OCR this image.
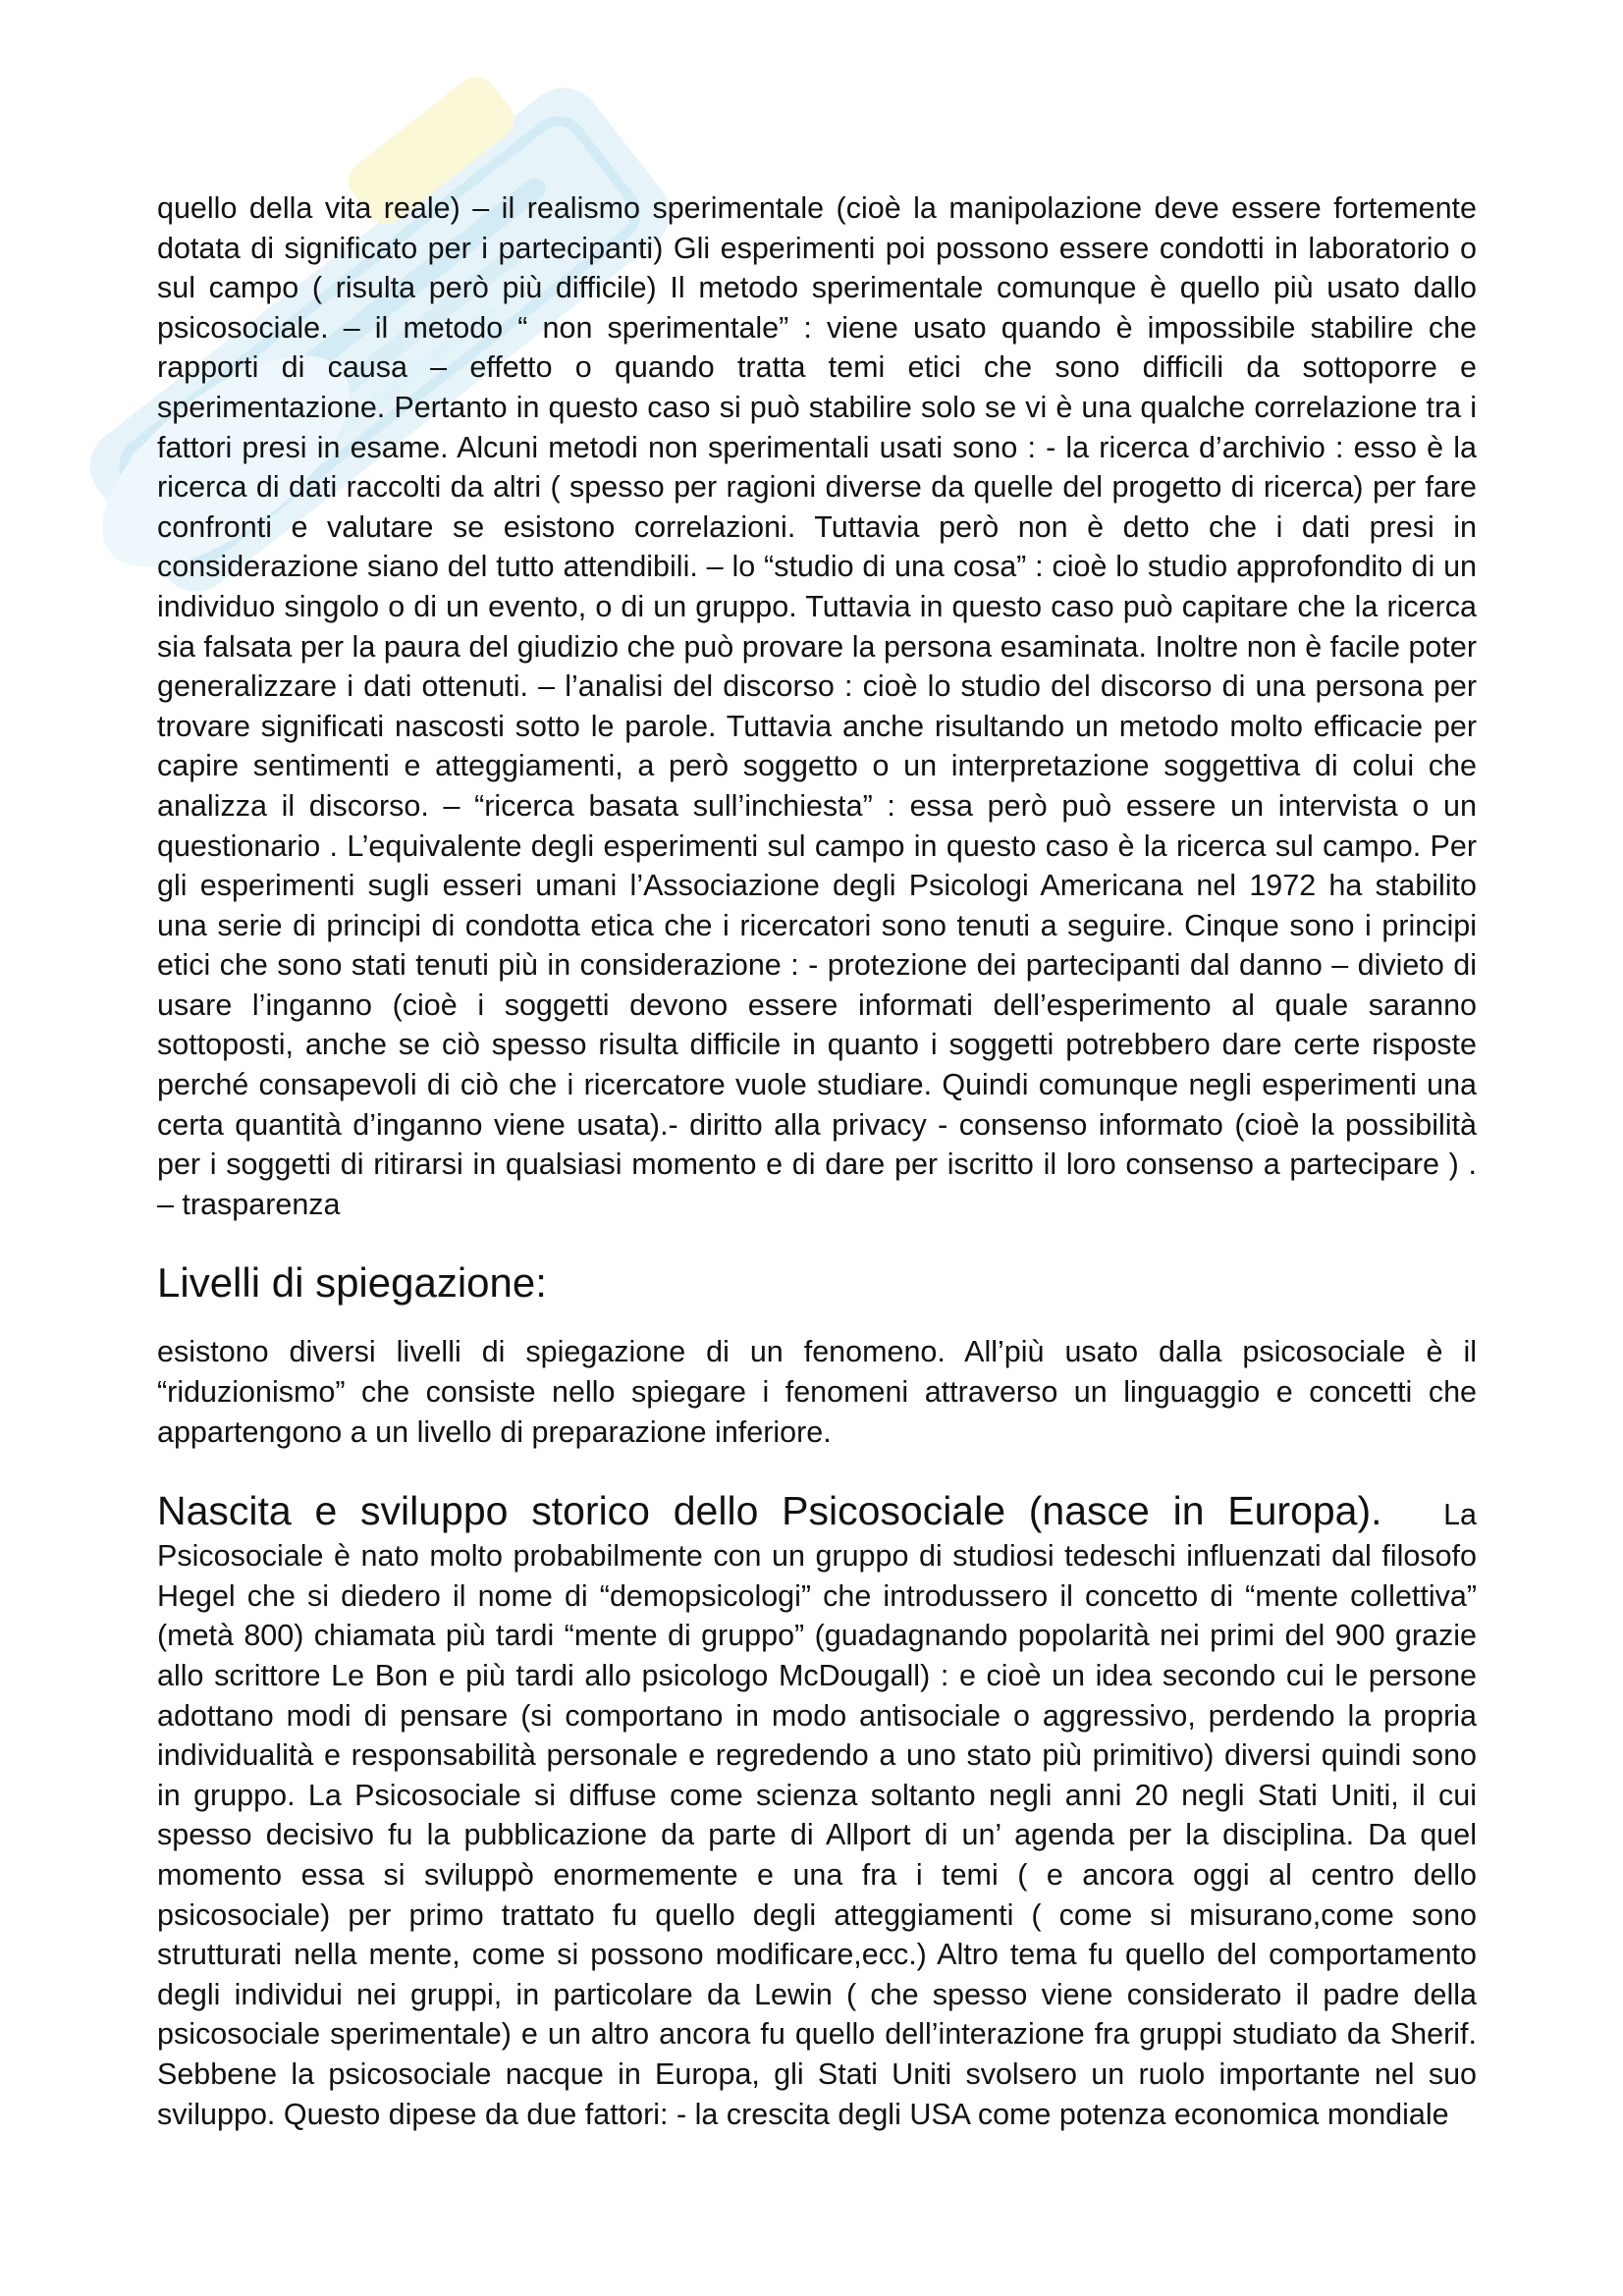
quello della vita reale) – il realismo sperimentale (cioè la manipolazione deve essere fortemente dotata di significato per i partecipanti) Gli esperimenti poi possono essere condotti in laboratorio o sul campo ( risulta però più difficile) Il metodo sperimentale comunque è quello più usato dallo psicosociale. – il metodo “ non sperimentale” : viene usato quando è impossibile stabilire che rapporti di causa – effetto o quando tratta temi etici che sono difficili da sottoporre e sperimentazione. Pertanto in questo caso si può stabilire solo se vi è una qualche correlazione tra i fattori presi in esame. Alcuni metodi non sperimentali usati sono : - la ricerca d’archivio : esso è la ricerca di dati raccolti da altri ( spesso per ragioni diverse da quelle del progetto di ricerca) per fare confronti e valutare se esistono correlazioni. Tuttavia però non è detto che i dati presi in considerazione siano del tutto attendibili. – lo “studio di una cosa” : cioè lo studio approfondito di un individuo singolo o di un evento, o di un gruppo. Tuttavia in questo caso può capitare che la ricerca sia falsata per la paura del giudizio che può provare la persona esaminata. Inoltre non è facile poter generalizzare i dati ottenuti. – l’analisi del discorso : cioè lo studio del discorso di una persona per trovare significati nascosti sotto le parole. Tuttavia anche risultando un metodo molto efficacie per capire sentimenti e atteggiamenti, a però soggetto o un interpretazione soggettiva di colui che analizza il discorso. – “ricerca basata sull’inchiesta” : essa però può essere un intervista o un questionario . L’equivalente degli esperimenti sul campo in questo caso è la ricerca sul campo. Per gli esperimenti sugli esseri umani l’Associazione degli Psicologi Americana nel 1972 ha stabilito una serie di principi di condotta etica che i ricercatori sono tenuti a seguire. Cinque sono i principi etici che sono stati tenuti più in considerazione : - protezione dei partecipanti dal danno – divieto di usare l’inganno (cioè i soggetti devono essere informati dell’esperimento al quale saranno sottoposti, anche se ciò spesso risulta difficile in quanto i soggetti potrebbero dare certe risposte perché consapevoli di ciò che i ricercatore vuole studiare. Quindi comunque negli esperimenti una certa quantità d’inganno viene usata).- diritto alla privacy - consenso informato (cioè la possibilità per i soggetti di ritirarsi in qualsiasi momento e di dare per iscritto il loro consenso a partecipare ) . – trasparenza

Livelli di spiegazione:

esistono diversi livelli di spiegazione di un fenomeno. All’più usato dalla psicosociale è il “riduzionismo” che consiste nello spiegare i fenomeni attraverso un linguaggio e concetti che appartengono a un livello di preparazione inferiore.

Nascita e sviluppo storico dello Psicosociale (nasce in Europa). La Psicosociale è nato molto probabilmente con un gruppo di studiosi tedeschi influenzati dal filosofo Hegel che si diedero il nome di “demopsicologi” che introdussero il concetto di “mente collettiva” (metà 800) chiamata più tardi “mente di gruppo” (guadagnando popolarità nei primi del 900 grazie allo scrittore Le Bon e più tardi allo psicologo McDougall) : e cioè un idea secondo cui le persone adottano modi di pensare (si comportano in modo antisociale o aggressivo, perdendo la propria individualità e responsabilità personale e regredendo a uno stato più primitivo) diversi quindi sono in gruppo. La Psicosociale si diffuse come scienza soltanto negli anni 20 negli Stati Uniti, il cui spesso decisivo fu la pubblicazione da parte di Allport di un’ agenda per la disciplina. Da quel momento essa si sviluppò enormemente e una fra i temi ( e ancora oggi al centro dello psicosociale) per primo trattato fu quello degli atteggiamenti ( come si misurano,come sono strutturati nella mente, come si possono modificare,ecc.) Altro tema fu quello del comportamento degli individui nei gruppi, in particolare da Lewin ( che spesso viene considerato il padre della psicosociale sperimentale) e un altro ancora fu quello dell’interazione fra gruppi studiato da Sherif. Sebbene la psicosociale nacque in Europa, gli Stati Uniti svolsero un ruolo importante nel suo sviluppo. Questo dipese da due fattori: - la crescita degli USA come potenza economica mondiale
